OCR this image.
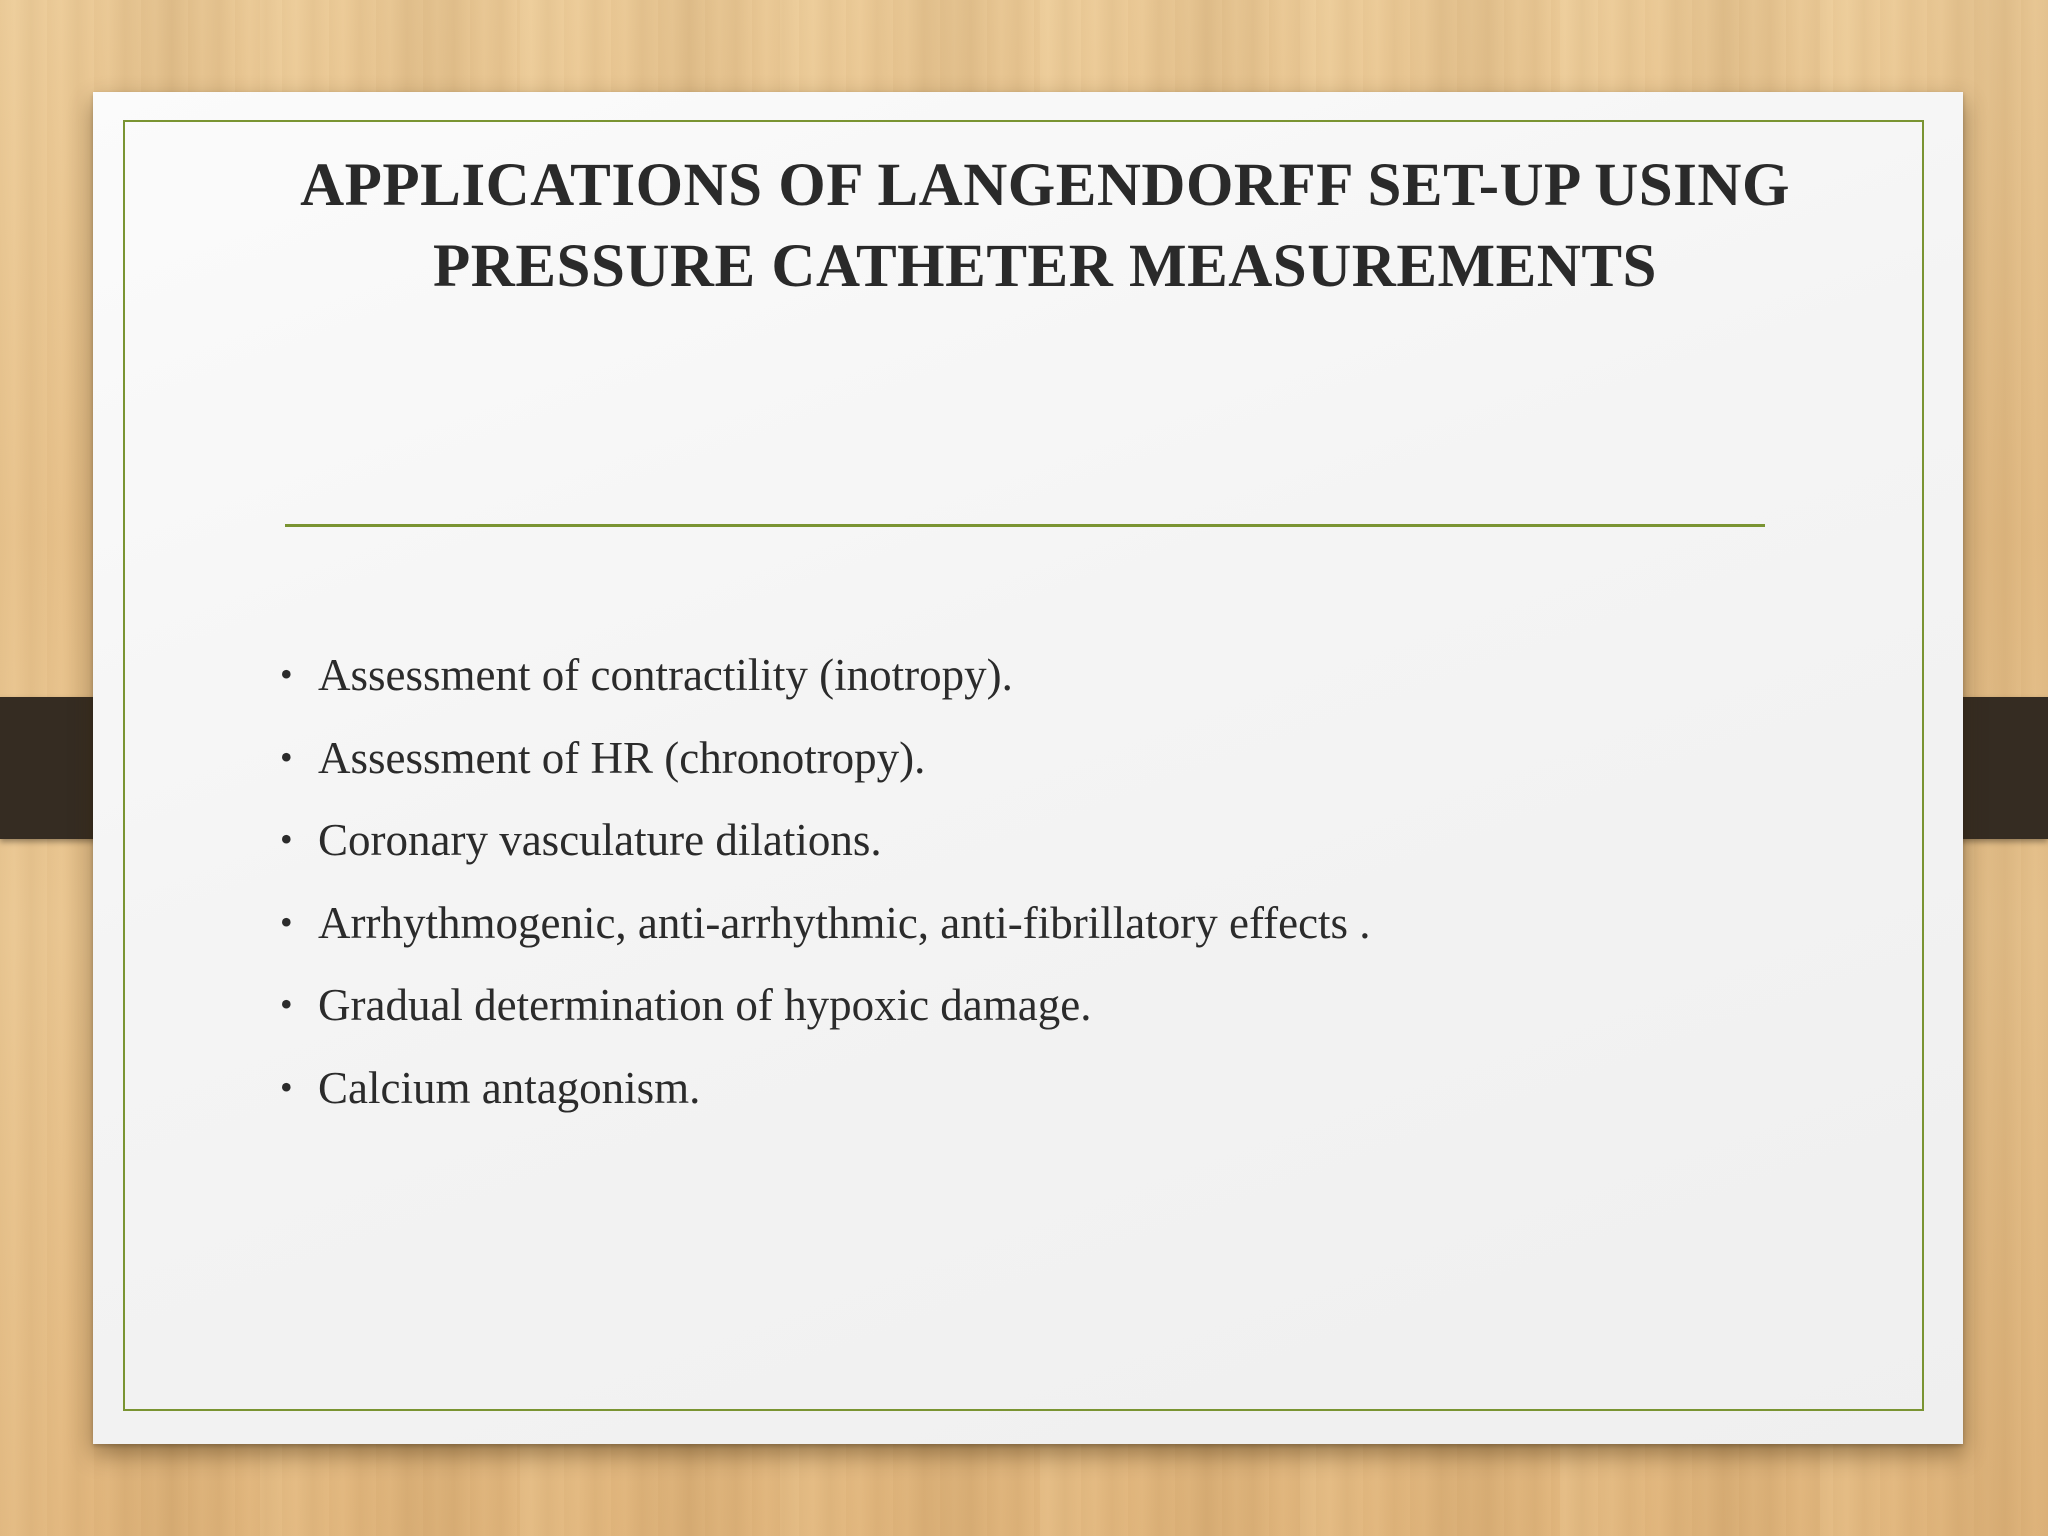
APPLICATIONS OF LANGENDORFF SET-UP USING
PRESSURE CATHETER MEASUREMENTS
• Assessment of contractility (inotropy).
• Assessment of HR (chronotropy).
• Coronary vasculature dilations.
• Arrhythmogenic, anti-arrhythmic, anti-fibrillatory effects .
• Gradual determination of hypoxic damage.
• Calcium antagonism.
